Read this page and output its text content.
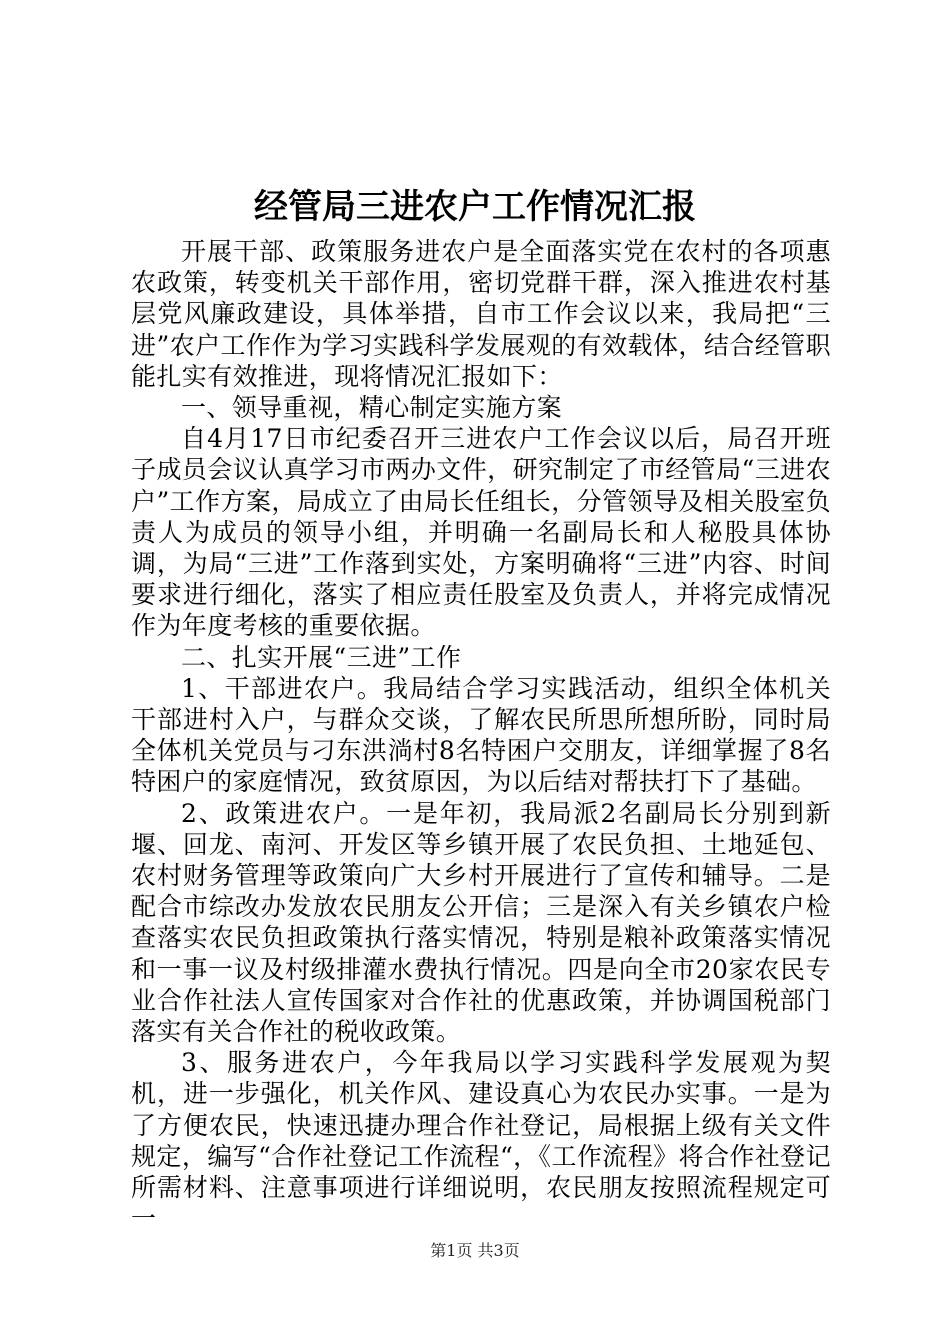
经管局三进农户工作情况汇报

开展干部、政策服务进农户是全面落实党在农村的各项惠农政策，转变机关干部作用，密切党群干群，深入推进农村基层党风廉政建设，具体举措，自市工作会议以来，我局把“三进”农户工作作为学习实践科学发展观的有效载体，结合经管职能扎实有效推进，现将情况汇报如下：

一、领导重视，精心制定实施方案

自4月17日市纪委召开三进农户工作会议以后，局召开班子成员会议认真学习市两办文件，研究制定了市经管局“三进农户”工作方案，局成立了由局长任组长，分管领导及相关股室负责人为成员的领导小组，并明确一名副局长和人秘股具体协调，为局“三进”工作落到实处，方案明确将“三进”内容、时间要求进行细化，落实了相应责任股室及负责人，并将完成情况作为年度考核的重要依据。

二、扎实开展“三进”工作

1、干部进农户。我局结合学习实践活动，组织全体机关干部进村入户，与群众交谈，了解农民所思所想所盼，同时局全体机关党员与刁东洪淌村8名特困户交朋友，详细掌握了8名特困户的家庭情况，致贫原因，为以后结对帮扶打下了基础。

2、政策进农户。一是年初，我局派2名副局长分别到新堰、回龙、南河、开发区等乡镇开展了农民负担、土地延包、农村财务管理等政策向广大乡村开展进行了宣传和辅导。二是配合市综改办发放农民朋友公开信；三是深入有关乡镇农户检查落实农民负担政策执行落实情况，特别是粮补政策落实情况和一事一议及村级排灌水费执行情况。四是向全市20家农民专业合作社法人宣传国家对合作社的优惠政策，并协调国税部门落实有关合作社的税收政策。

3、服务进农户，今年我局以学习实践科学发展观为契机，进一步强化，机关作风、建设真心为农民办实事。一是为了方便农民，快速迅捷办理合作社登记，局根据上级有关文件规定，编写“合作社登记工作流程“，《工作流程》将合作社登记所需材料、注意事项进行详细说明，农民朋友按照流程规定可一

第1页 共3页
